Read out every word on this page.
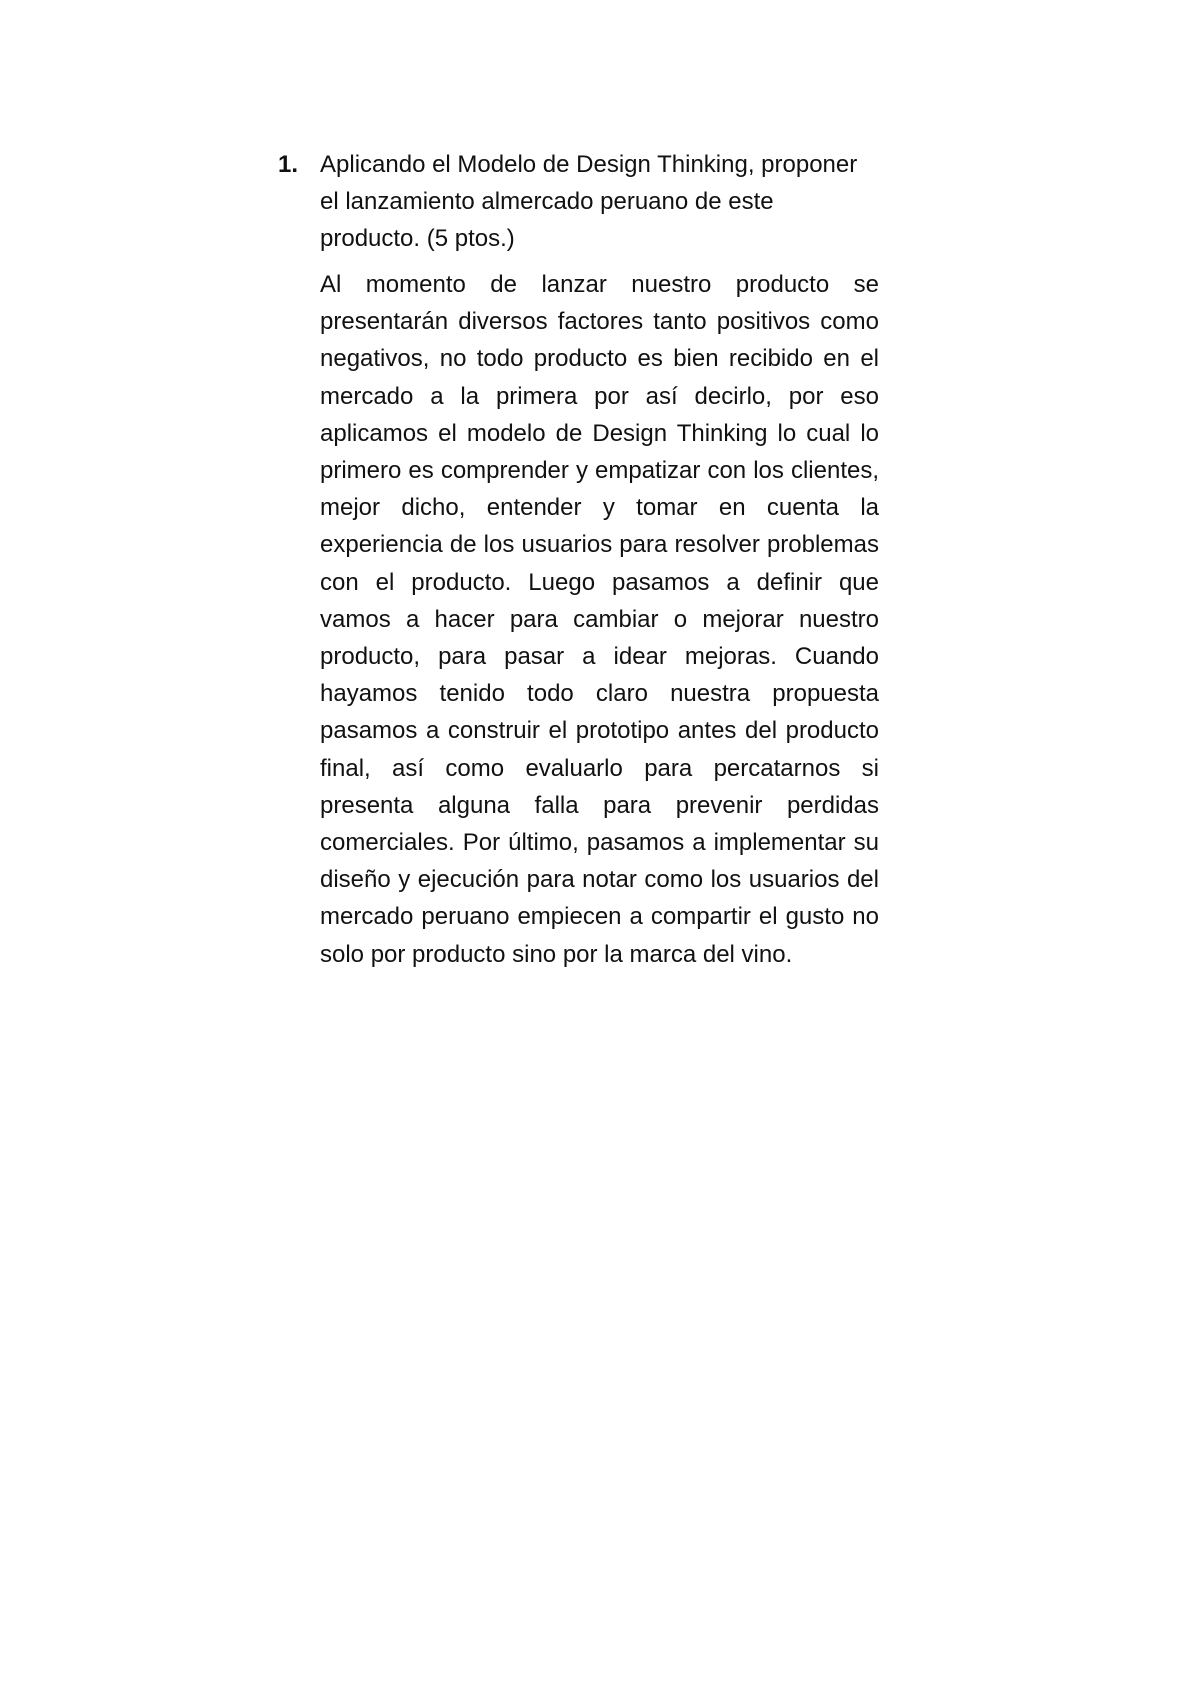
1. Aplicando el Modelo de Design Thinking, proponer el lanzamiento almercado peruano de este producto. (5 ptos.)

Al momento de lanzar nuestro producto se presentarán diversos factores tanto positivos como negativos, no todo producto es bien recibido en el mercado a la primera por así decirlo, por eso aplicamos el modelo de Design Thinking lo cual lo primero es comprender y empatizar con los clientes, mejor dicho, entender y tomar en cuenta la experiencia de los usuarios para resolver problemas con el producto. Luego pasamos a definir que vamos a hacer para cambiar o mejorar nuestro producto, para pasar a idear mejoras. Cuando hayamos tenido todo claro nuestra propuesta pasamos a construir el prototipo antes del producto final, así como evaluarlo para percatarnos si presenta alguna falla para prevenir perdidas comerciales. Por último, pasamos a implementar su diseño y ejecución para notar como los usuarios del mercado peruano empiecen a compartir el gusto no solo por producto sino por la marca del vino.
